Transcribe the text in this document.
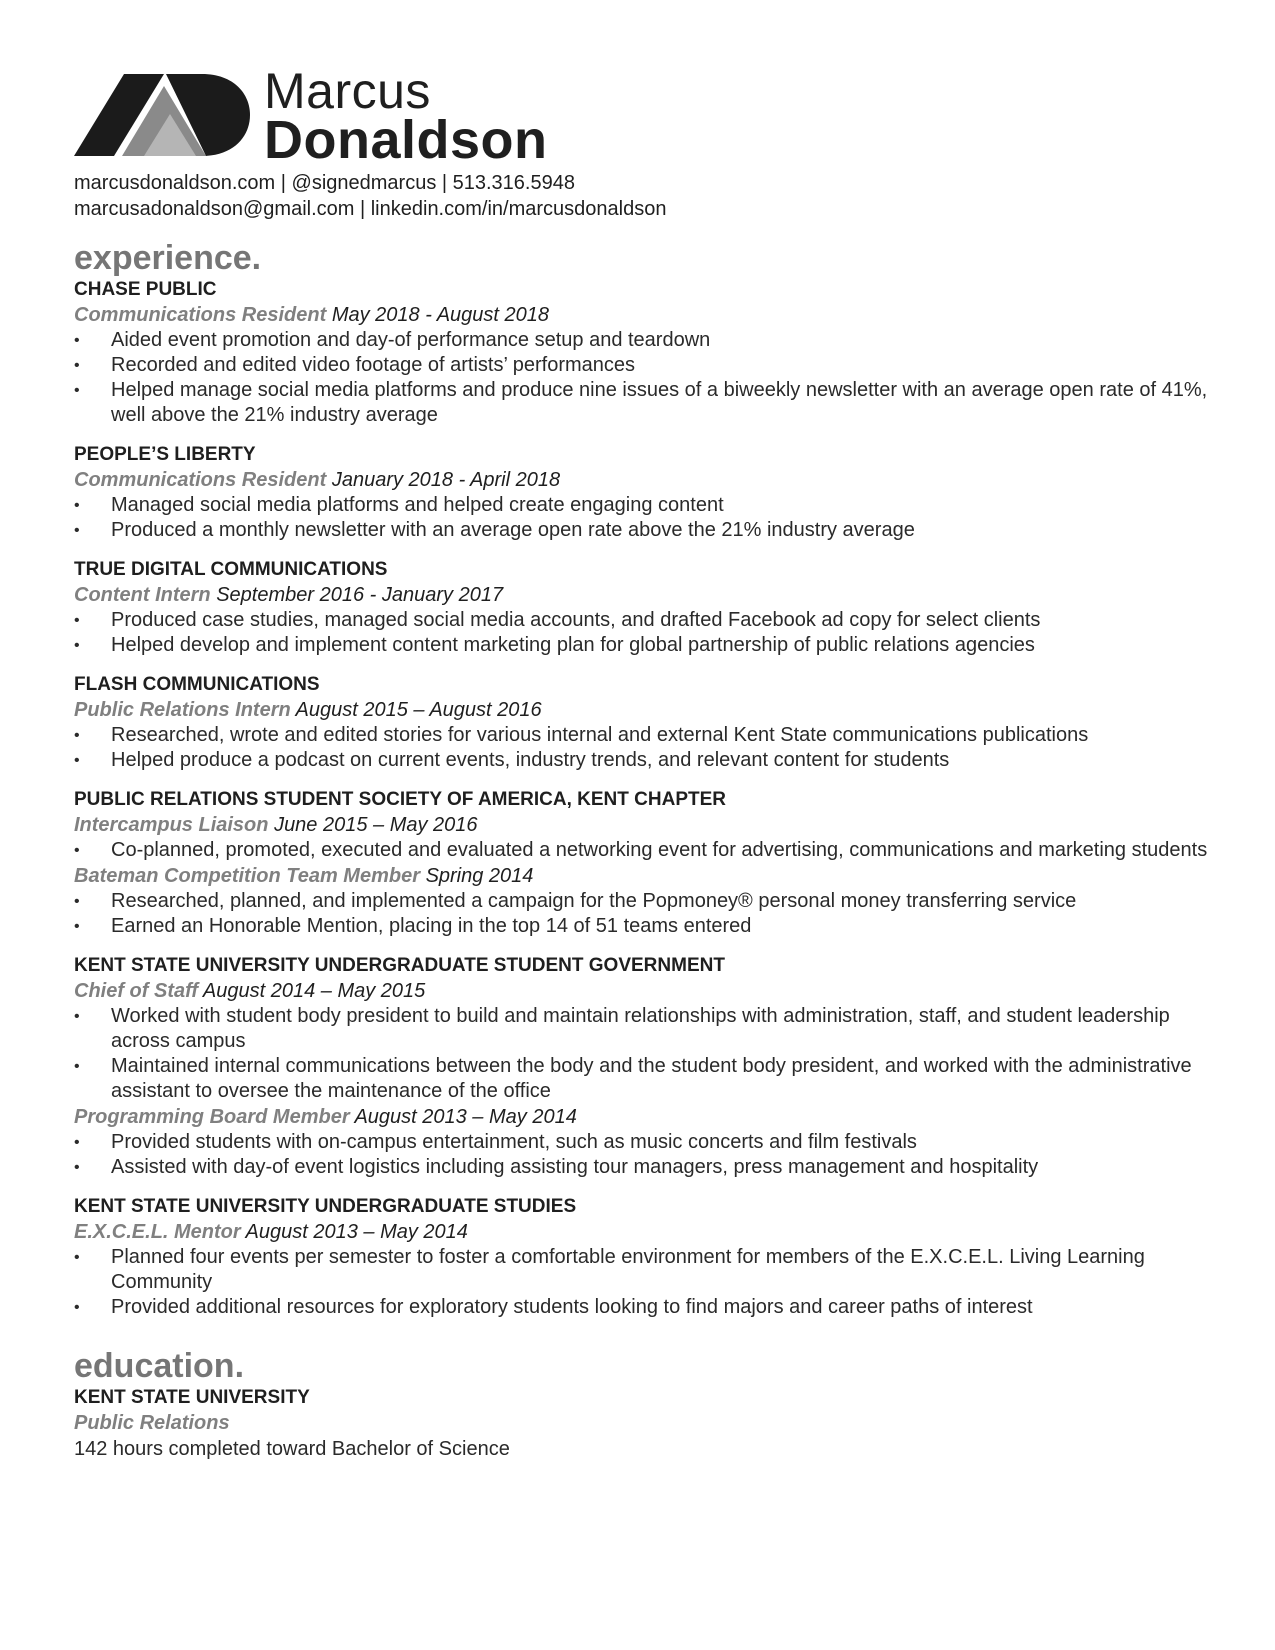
Marcus
Donaldson
marcusdonaldson.com | @signedmarcus | 513.316.5948
marcusadonaldson@gmail.com | linkedin.com/in/marcusdonaldson
experience.
CHASE PUBLIC
Communications Resident May 2018 - August 2018
• Aided event promotion and day-of performance setup and teardown
• Recorded and edited video footage of artists’ performances
• Helped manage social media platforms and produce nine issues of a biweekly newsletter with an average open rate of 41%, well above the 21% industry average
PEOPLE’S LIBERTY
Communications Resident January 2018 - April 2018
• Managed social media platforms and helped create engaging content
• Produced a monthly newsletter with an average open rate above the 21% industry average
TRUE DIGITAL COMMUNICATIONS
Content Intern September 2016 - January 2017
• Produced case studies, managed social media accounts, and drafted Facebook ad copy for select clients
• Helped develop and implement content marketing plan for global partnership of public relations agencies
FLASH COMMUNICATIONS
Public Relations Intern August 2015 – August 2016
• Researched, wrote and edited stories for various internal and external Kent State communications publications
• Helped produce a podcast on current events, industry trends, and relevant content for students
PUBLIC RELATIONS STUDENT SOCIETY OF AMERICA, KENT CHAPTER
Intercampus Liaison June 2015 – May 2016
• Co-planned, promoted, executed and evaluated a networking event for advertising, communications and marketing students
Bateman Competition Team Member Spring 2014
• Researched, planned, and implemented a campaign for the Popmoney® personal money transferring service
• Earned an Honorable Mention, placing in the top 14 of 51 teams entered
KENT STATE UNIVERSITY UNDERGRADUATE STUDENT GOVERNMENT
Chief of Staff August 2014 – May 2015
• Worked with student body president to build and maintain relationships with administration, staff, and student leadership across campus
• Maintained internal communications between the body and the student body president, and worked with the administrative assistant to oversee the maintenance of the office
Programming Board Member August 2013 – May 2014
• Provided students with on-campus entertainment, such as music concerts and film festivals
• Assisted with day-of event logistics including assisting tour managers, press management and hospitality
KENT STATE UNIVERSITY UNDERGRADUATE STUDIES
E.X.C.E.L. Mentor August 2013 – May 2014
• Planned four events per semester to foster a comfortable environment for members of the E.X.C.E.L. Living Learning Community
• Provided additional resources for exploratory students looking to find majors and career paths of interest
education.
KENT STATE UNIVERSITY
Public Relations
142 hours completed toward Bachelor of Science
